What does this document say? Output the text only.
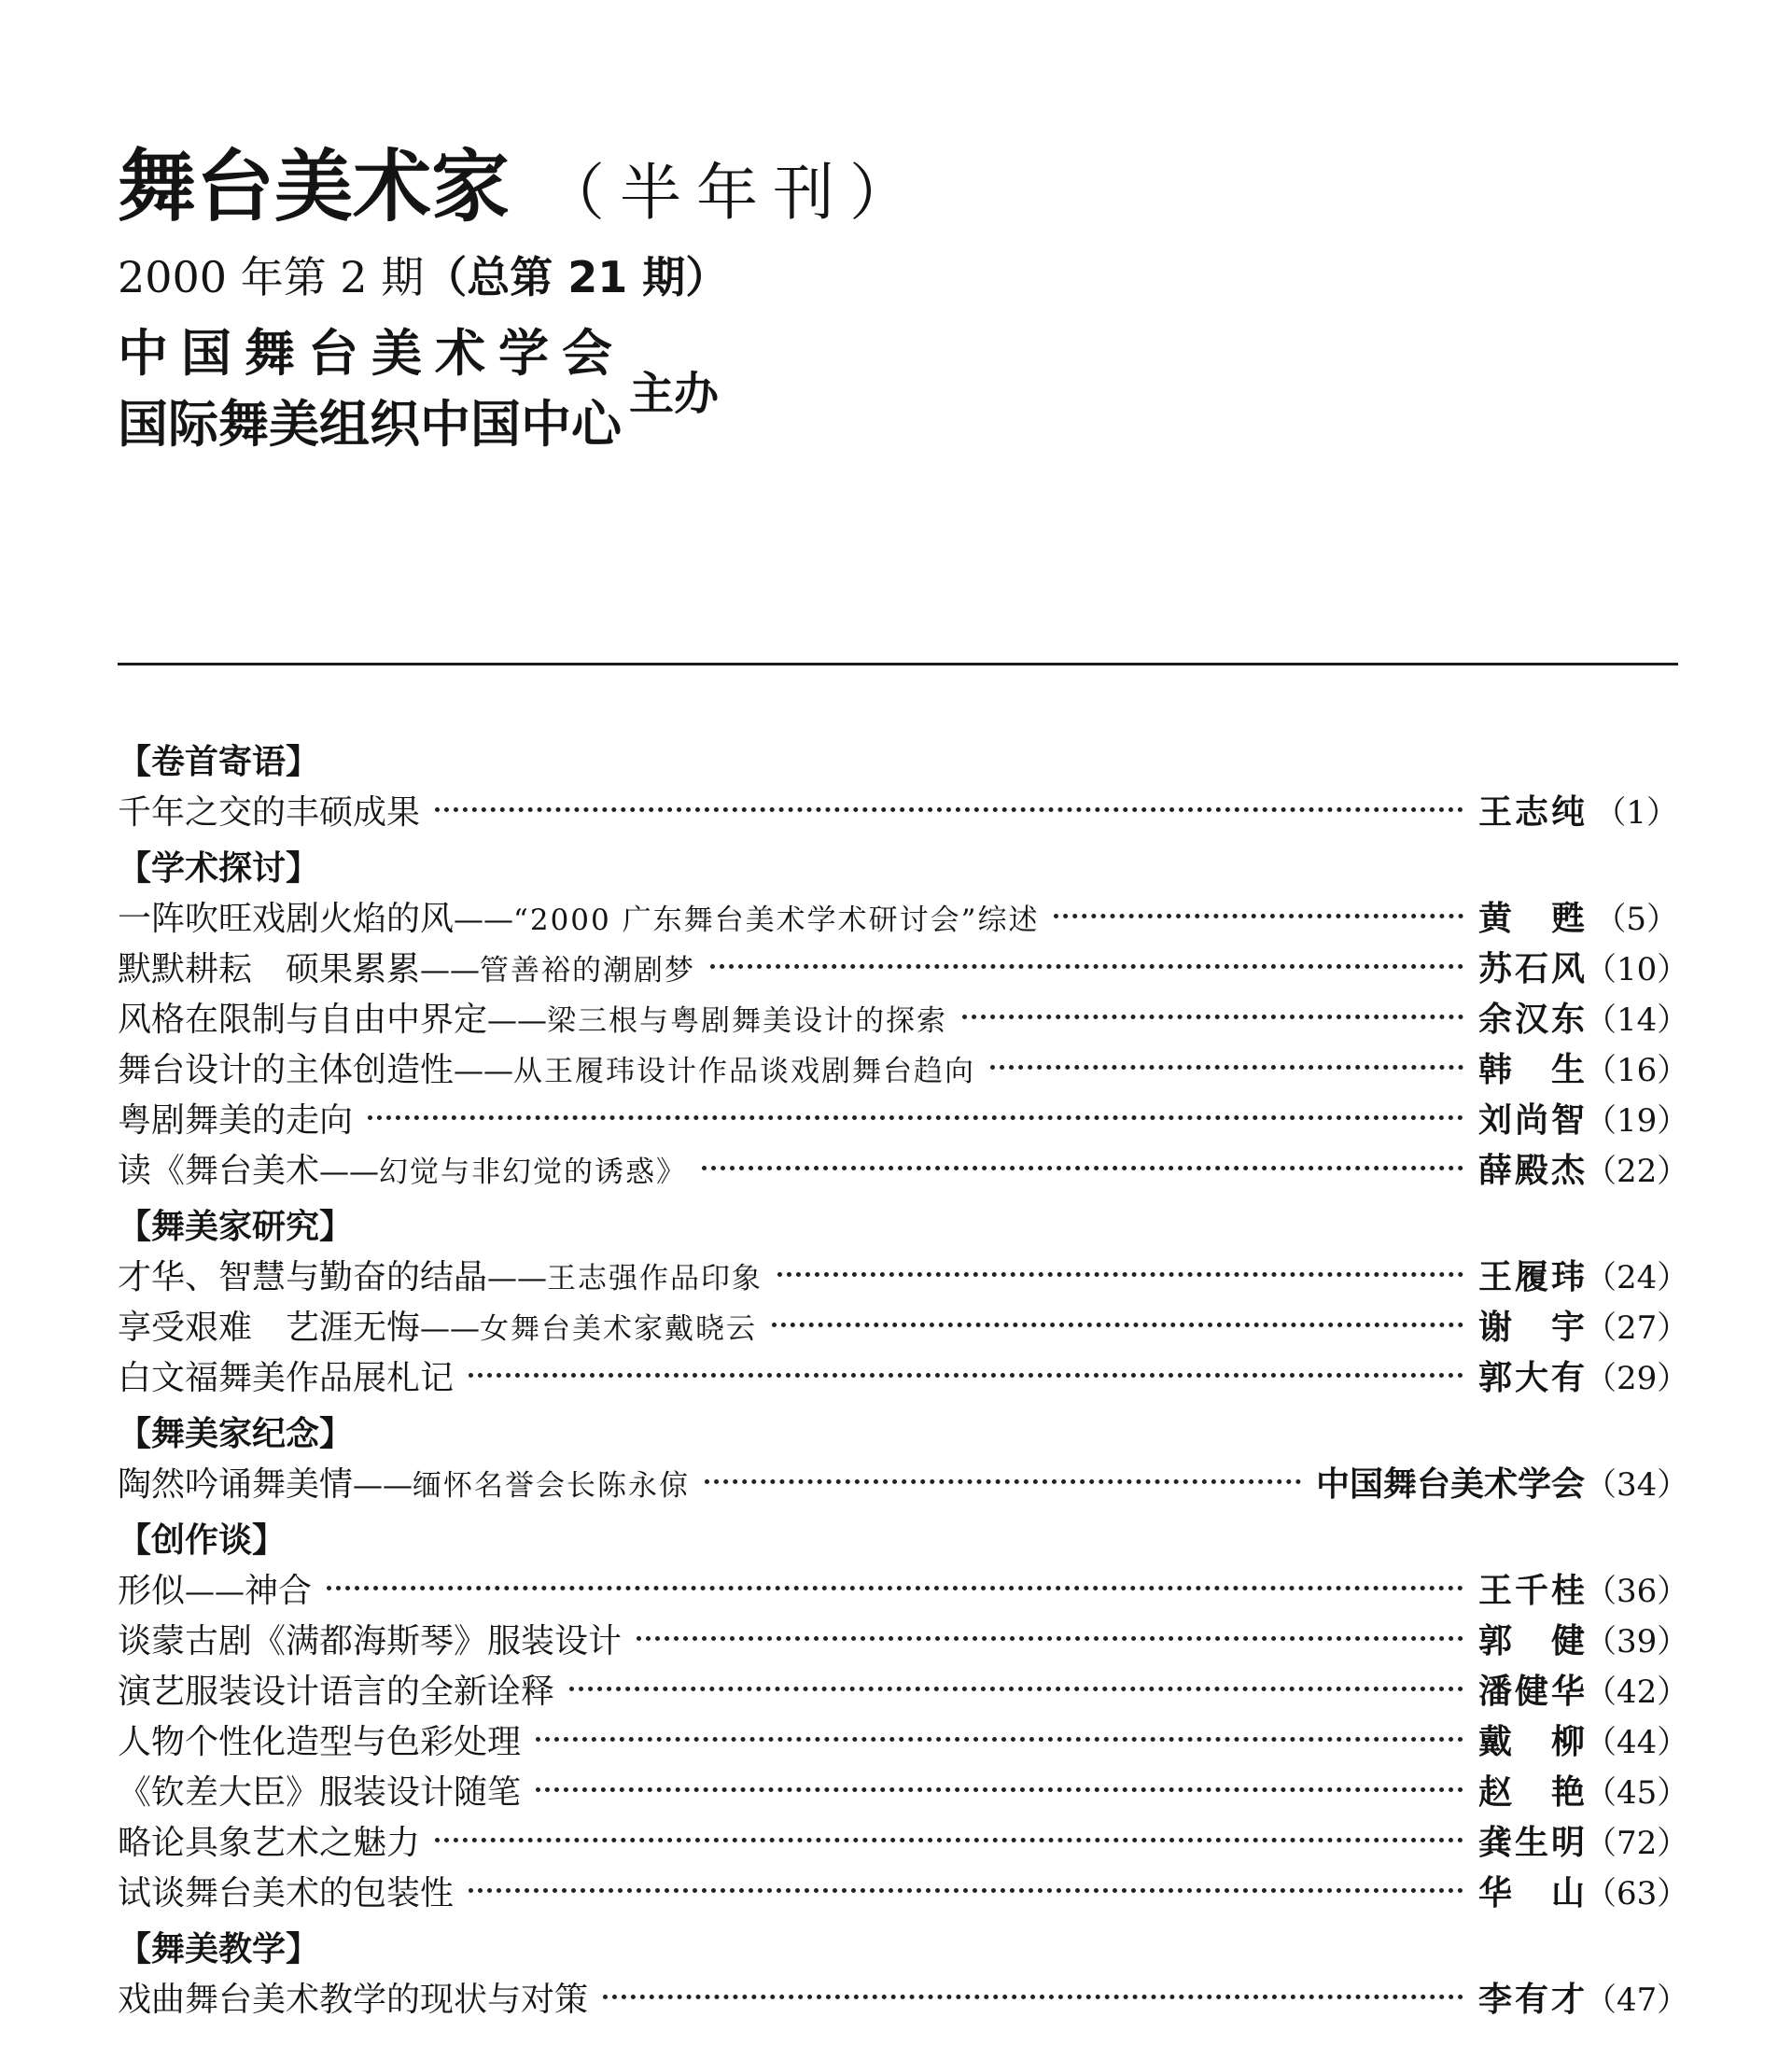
舞台美术家 （半年刊）
2000 年第 2 期（总第 21 期）
中国舞台美术学会
国际舞美组织中国中心
主办
【卷首寄语】
千年之交的丰硕成果	王志纯 （1）
【学术探讨】
一阵吹旺戏剧火焰的风 —— “2000 广东舞台美术学术研讨会”综述	黄 甦 （5）
默默耕耘　硕果累累 —— 管善裕的潮剧梦	苏石风 （10）
风格在限制与自由中界定 —— 梁三根与粤剧舞美设计的探索	余汉东 （14）
舞台设计的主体创造性 —— 从王履玮设计作品谈戏剧舞台趋向	韩 生 （16）
粤剧舞美的走向	刘尚智 （19）
读《舞台美术 —— 幻觉与非幻觉的诱惑》	薛殿杰 （22）
【舞美家研究】
才华、智慧与勤奋的结晶 —— 王志强作品印象	王履玮 （24）
享受艰难　艺涯无悔 —— 女舞台美术家戴晓云	谢 宇 （27）
白文福舞美作品展札记	郭大有 （29）
【舞美家纪念】
陶然吟诵舞美情 —— 缅怀名誉会长陈永倞	中国舞台美术学会 （34）
【创作谈】
形似 —— 神合	王千桂 （36）
谈蒙古剧《满都海斯琴》服装设计	郭 健 （39）
演艺服装设计语言的全新诠释	潘健华 （42）
人物个性化造型与色彩处理	戴 柳 （44）
《钦差大臣》服装设计随笔	赵 艳 （45）
略论具象艺术之魅力	龚生明 （72）
试谈舞台美术的包装性	华 山 （63）
【舞美教学】
戏曲舞台美术教学的现状与对策	李有才 （47）
